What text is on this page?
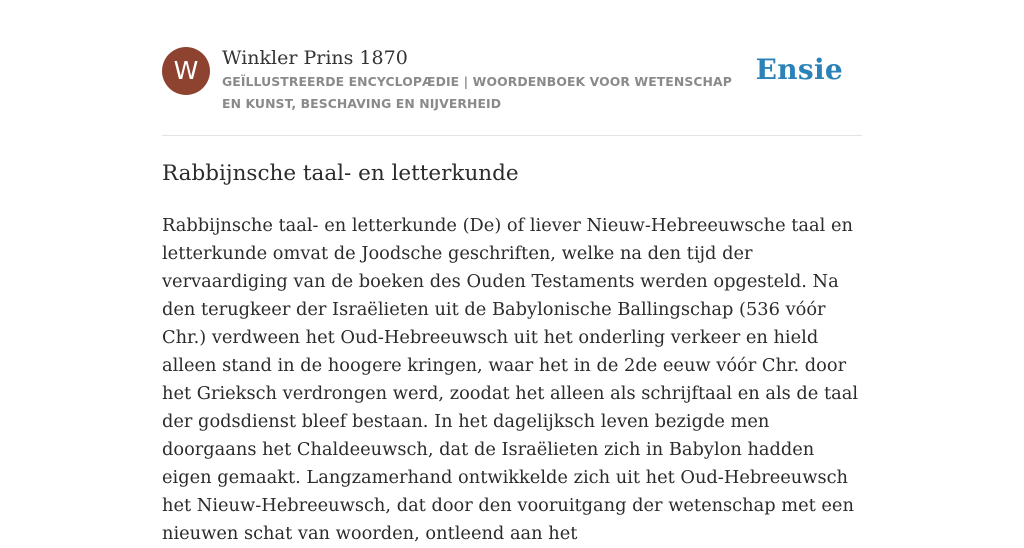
W	Winkler Prins 1870
GEÏLLUSTREERDE ENCYCLOPÆDIE | WOORDENBOEK VOOR WETENSCHAP EN KUNST, BESCHAVING EN NIJVERHEID
Ensie
Rabbijnsche taal- en letterkunde

Rabbijnsche taal- en letterkunde (De) of liever Nieuw-Hebreeuwsche taal en letterkunde omvat de Joodsche geschriften, welke na den tijd der vervaardiging van de boeken des Ouden Testaments werden opgesteld. Na den terugkeer der Israëlieten uit de Babylonische Ballingschap (536 vóór Chr.) verdween het Oud-Hebreeuwsch uit het onderling verkeer en hield alleen stand in de hoogere kringen, waar het in de 2de eeuw vóór Chr. door het Grieksch verdrongen werd, zoodat het alleen als schrijftaal en als de taal der godsdienst bleef bestaan. In het dagelijksch leven bezigde men doorgaans het Chaldeeuwsch, dat de Israëlieten zich in Babylon hadden eigen gemaakt. Langzamerhand ontwikkelde zich uit het Oud-Hebreeuwsch het Nieuw-Hebreeuwsch, dat door den vooruitgang der wetenschap met een nieuwen schat van woorden, ontleend aan het
